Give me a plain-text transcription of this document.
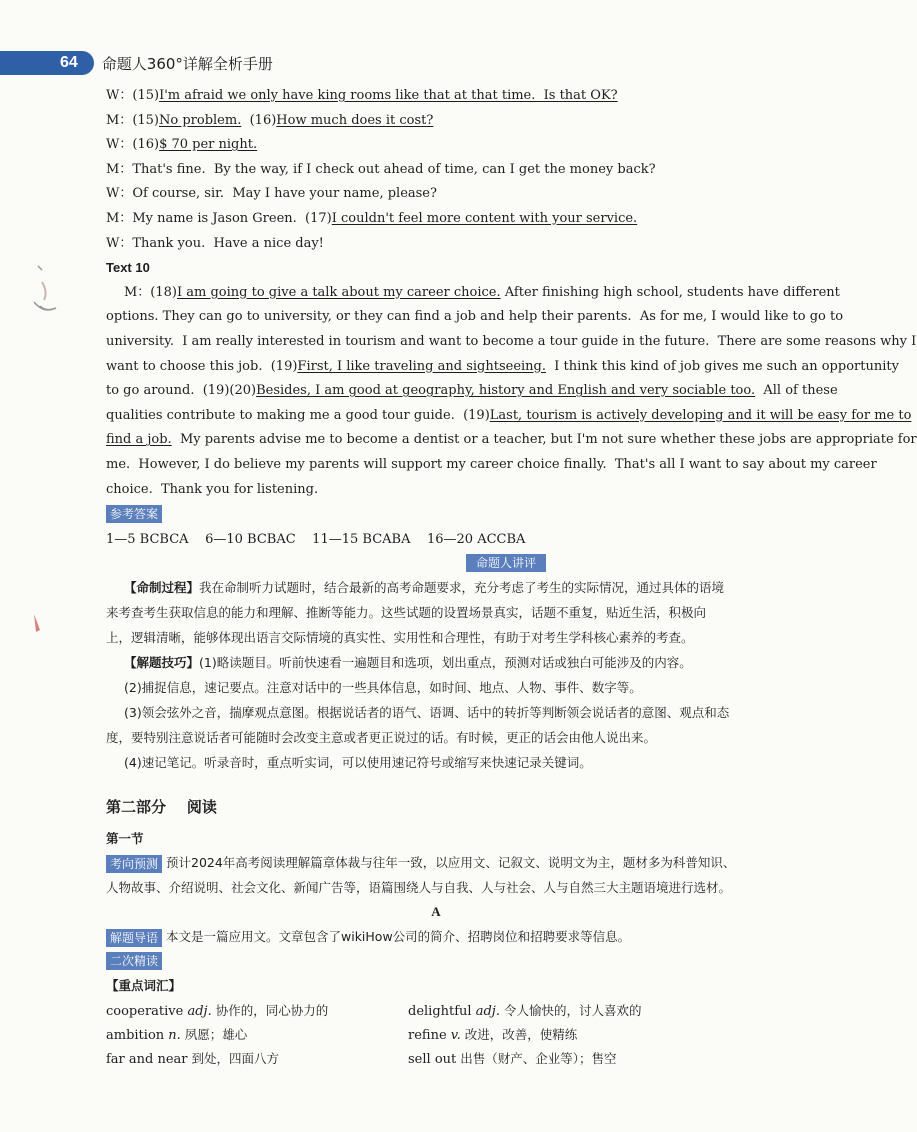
64	命题人360°详解全析手册
W：(15)I'm afraid we only have king rooms like that at that time.  Is that OK?
M：(15)No problem.  (16)How much does it cost?
W：(16)$ 70 per night.
M：That's fine.  By the way, if I check out ahead of time, can I get the money back?
W：Of course, sir.  May I have your name, please?
M：My name is Jason Green.  (17)I couldn't feel more content with your service.
W：Thank you.  Have a nice day!
Text 10
M：(18)I am going to give a talk about my career choice. After finishing high school, students have different
options. They can go to university, or they can find a job and help their parents.  As for me, I would like to go to
university.  I am really interested in tourism and want to become a tour guide in the future.  There are some reasons why I
want to choose this job.  (19)First, I like traveling and sightseeing.  I think this kind of job gives me such an opportunity
to go around.  (19)(20)Besides, I am good at geography, history and English and very sociable too.  All of these
qualities contribute to making me a good tour guide.  (19)Last, tourism is actively developing and it will be easy for me to
find a job.  My parents advise me to become a dentist or a teacher, but I'm not sure whether these jobs are appropriate for
me.  However, I do believe my parents will support my career choice finally.  That's all I want to say about my career
choice.  Thank you for listening.
参考答案
1—5 BCBCA    6—10 BCBAC    11—15 BCABA    16—20 ACCBA
命题人讲评
【命制过程】我在命制听力试题时，结合最新的高考命题要求，充分考虑了考生的实际情况，通过具体的语境
来考查考生获取信息的能力和理解、推断等能力。这些试题的设置场景真实，话题不重复，贴近生活，积极向
上，逻辑清晰，能够体现出语言交际情境的真实性、实用性和合理性，有助于对考生学科核心素养的考查。
【解题技巧】(1)略读题目。听前快速看一遍题目和选项，划出重点，预测对话或独白可能涉及的内容。
(2)捕捉信息，速记要点。注意对话中的一些具体信息，如时间、地点、人物、事件、数字等。
(3)领会弦外之音，揣摩观点意图。根据说话者的语气、语调、话中的转折等判断领会说话者的意图、观点和态
度，要特别注意说话者可能随时会改变主意或者更正说过的话。有时候，更正的话会由他人说出来。
(4)速记笔记。听录音时，重点听实词，可以使用速记符号或缩写来快速记录关键词。
第二部分    阅读
第一节
考向预测 预计2024年高考阅读理解篇章体裁与往年一致，以应用文、记叙文、说明文为主，题材多为科普知识、
人物故事、介绍说明、社会文化、新闻广告等，语篇围绕人与自我、人与社会、人与自然三大主题语境进行选材。
A
解题导语 本文是一篇应用文。文章包含了wikiHow公司的简介、招聘岗位和招聘要求等信息。
二次精读
【重点词汇】
cooperative adj. 协作的，同心协力的	delightful adj. 令人愉快的，讨人喜欢的
ambition n. 夙愿；雄心	refine v. 改进，改善，使精练
far and near 到处，四面八方	sell out 出售（财产、企业等）；售空
